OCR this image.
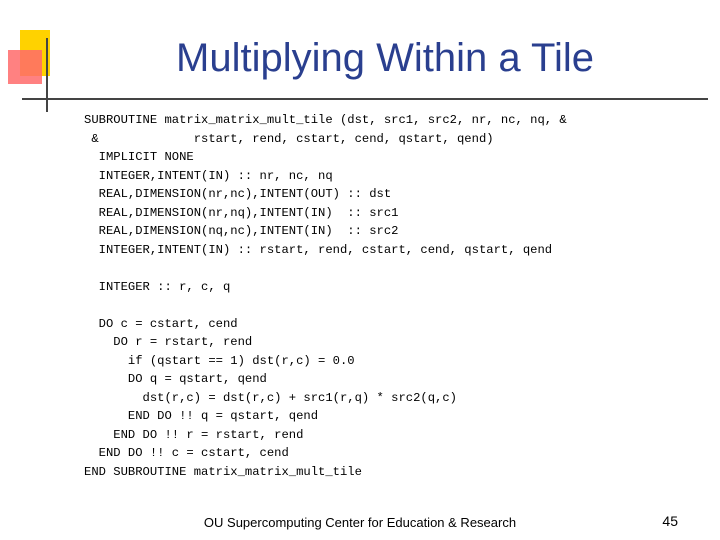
Multiplying Within a Tile
SUBROUTINE matrix_matrix_mult_tile (dst, src1, src2, nr, nc, nq, &
&             rstart, rend, cstart, cend, qstart, qend)
IMPLICIT NONE
INTEGER,INTENT(IN) :: nr, nc, nq
REAL,DIMENSION(nr,nc),INTENT(OUT) :: dst
REAL,DIMENSION(nr,nq),INTENT(IN)  :: src1
REAL,DIMENSION(nq,nc),INTENT(IN)  :: src2
INTEGER,INTENT(IN) :: rstart, rend, cstart, cend, qstart, qend
INTEGER :: r, c, q
DO c = cstart, cend
DO r = rstart, rend
if (qstart == 1) dst(r,c) = 0.0
DO q = qstart, qend
dst(r,c) = dst(r,c) + src1(r,q) * src2(q,c)
END DO !! q = qstart, qend
END DO !! r = rstart, rend
END DO !! c = cstart, cend
END SUBROUTINE matrix_matrix_mult_tile
OU Supercomputing Center for Education & Research	45
